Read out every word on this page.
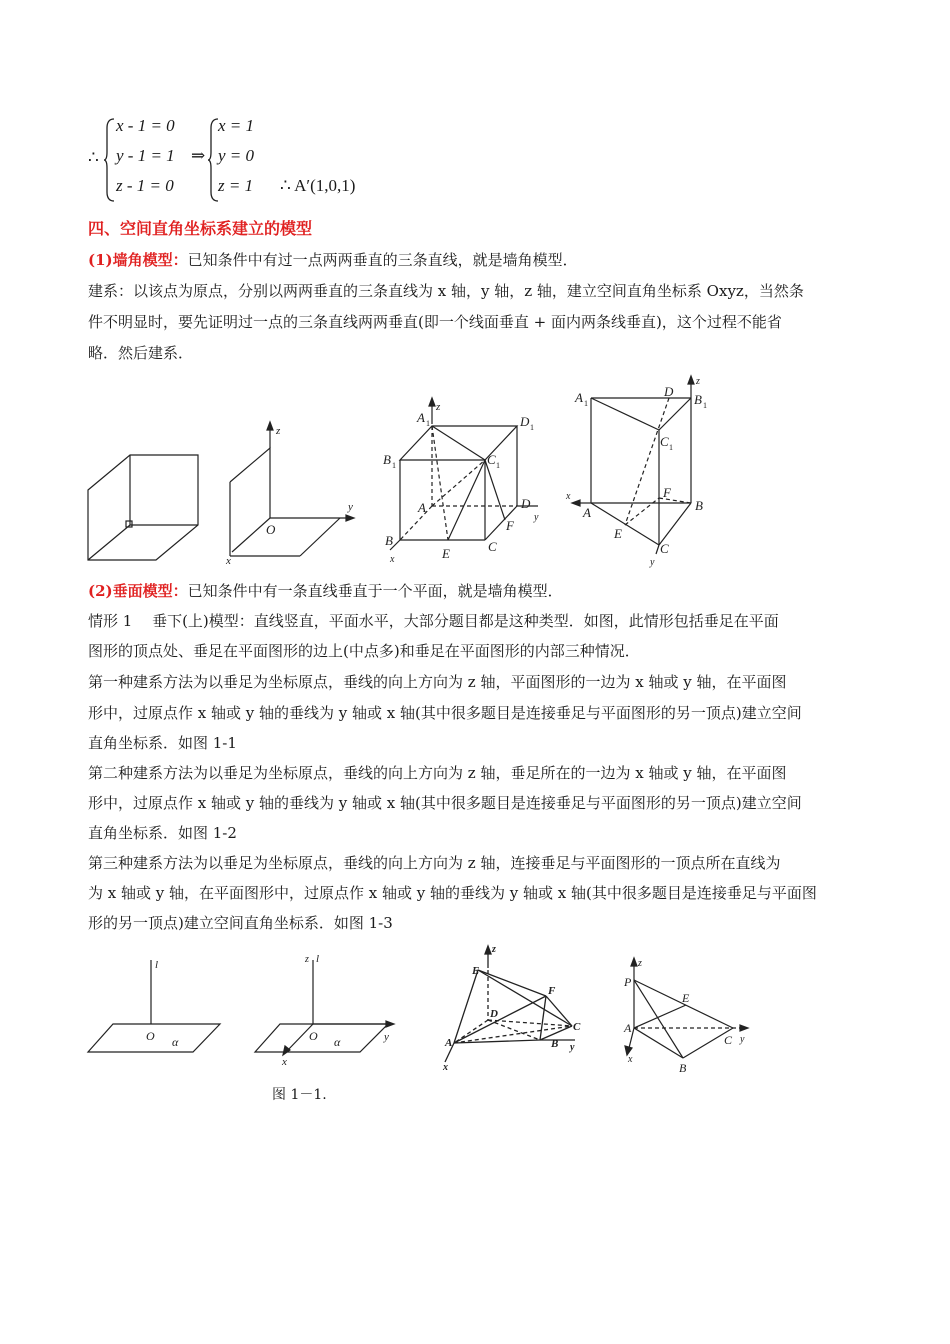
∴
x - 1 = 0
y - 1 = 1
z - 1 = 0
⇒
x = 1
y = 0
z = 1 ∴ A′(1,0,1)
四、空间直角坐标系建立的模型
(1)墙角模型：已知条件中有过一点两两垂直的三条直线，就是墙角模型．
建系：以该点为原点，分别以两两垂直的三条直线为 x 轴，y 轴，z 轴，建立空间直角坐标系 Oxyz，当然条
件不明显时，要先证明过一点的三条直线两两垂直(即一个线面垂直 + 面内两条线垂直)，这个过程不能省
略．然后建系．
z
O
y
x
z
A 1	D 1
B 1	C 1
A	D
y
F
B	C
E
x
z
A 1
D
B 1
C 1
F
x
A	B
E
C
y
(2)垂面模型：已知条件中有一条直线垂直于一个平面，就是墙角模型．
情形 1　 垂下(上)模型：直线竖直，平面水平，大部分题目都是这种类型．如图，此情形包括垂足在平面
图形的顶点处、垂足在平面图形的边上(中点多)和垂足在平面图形的内部三种情况．
第一种建系方法为以垂足为坐标原点，垂线的向上方向为 z 轴，平面图形的一边为 x 轴或 y 轴，在平面图
形中，过原点作 x 轴或 y 轴的垂线为 y 轴或 x 轴(其中很多题目是连接垂足与平面图形的另一顶点)建立空间
直角坐标系．如图 1-1
第二种建系方法为以垂足为坐标原点，垂线的向上方向为 z 轴，垂足所在的一边为 x 轴或 y 轴，在平面图
形中，过原点作 x 轴或 y 轴的垂线为 y 轴或 x 轴(其中很多题目是连接垂足与平面图形的另一顶点)建立空间
直角坐标系．如图 1-2
第三种建系方法为以垂足为坐标原点，垂线的向上方向为 z 轴，连接垂足与平面图形的一顶点所在直线为
为 x 轴或 y 轴，在平面图形中，过原点作 x 轴或 y 轴的垂线为 y 轴或 x 轴(其中很多题目是连接垂足与平面图
形的另一顶点)建立空间直角坐标系．如图 1-3
l
O α
z l
O	y
x
α
z
E
F
D
C
A	B y
x
z
P
E
A
C y
x
B
图 1－1.
